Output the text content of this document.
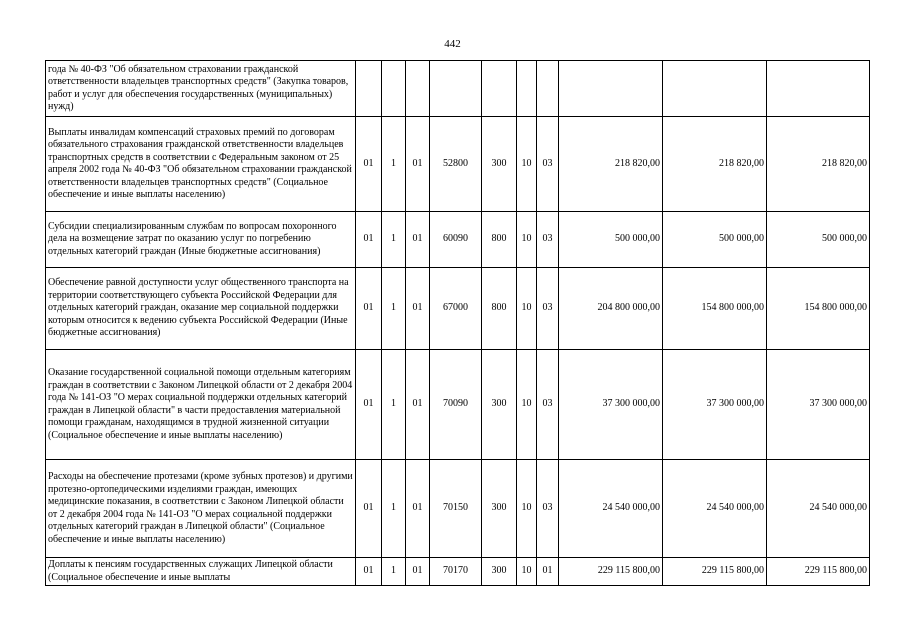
442
года № 40-ФЗ "Об обязательном страховании гражданской ответственности владельцев транспортных средств" (Закупка товаров, работ и услуг для обеспечения государственных (муниципальных) нужд)										
Выплаты инвалидам компенсаций страховых премий по договорам обязательного страхования гражданской ответственности владельцев транспортных средств в соответствии с Федеральным законом от 25 апреля 2002 года № 40-ФЗ "Об обязательном страховании гражданской ответственности владельцев транспортных средств" (Социальное обеспечение и иные выплаты населению)	01	1	01	52800	300	10	03	218 820,00	218 820,00	218 820,00
Субсидии специализированным службам по вопросам похоронного дела на возмещение затрат по оказанию услуг по погребению отдельных категорий граждан (Иные бюджетные ассигнования)	01	1	01	60090	800	10	03	500 000,00	500 000,00	500 000,00
Обеспечение равной доступности услуг общественного транспорта на территории соответствующего субъекта Российской Федерации для отдельных категорий граждан, оказание мер социальной поддержки которым относится к ведению субъекта Российской Федерации (Иные бюджетные ассигнования)	01	1	01	67000	800	10	03	204 800 000,00	154 800 000,00	154 800 000,00
Оказание государственной социальной помощи отдельным категориям граждан в соответствии с Законом Липецкой области от 2 декабря 2004 года № 141-ОЗ "О мерах социальной поддержки отдельных категорий граждан в Липецкой области" в части предоставления материальной помощи гражданам, находящимся в трудной жизненной ситуации (Социальное обеспечение и иные выплаты населению)	01	1	01	70090	300	10	03	37 300 000,00	37 300 000,00	37 300 000,00
Расходы на обеспечение протезами (кроме зубных протезов) и другими протезно-ортопедическими изделиями граждан, имеющих медицинские показания, в соответствии с Законом Липецкой области от 2 декабря 2004 года № 141-ОЗ "О мерах социальной поддержки отдельных категорий граждан в Липецкой области" (Социальное обеспечение и иные выплаты населению)	01	1	01	70150	300	10	03	24 540 000,00	24 540 000,00	24 540 000,00
Доплаты к пенсиям государственных служащих Липецкой области (Социальное обеспечение и иные выплаты	01	1	01	70170	300	10	01	229 115 800,00	229 115 800,00	229 115 800,00
